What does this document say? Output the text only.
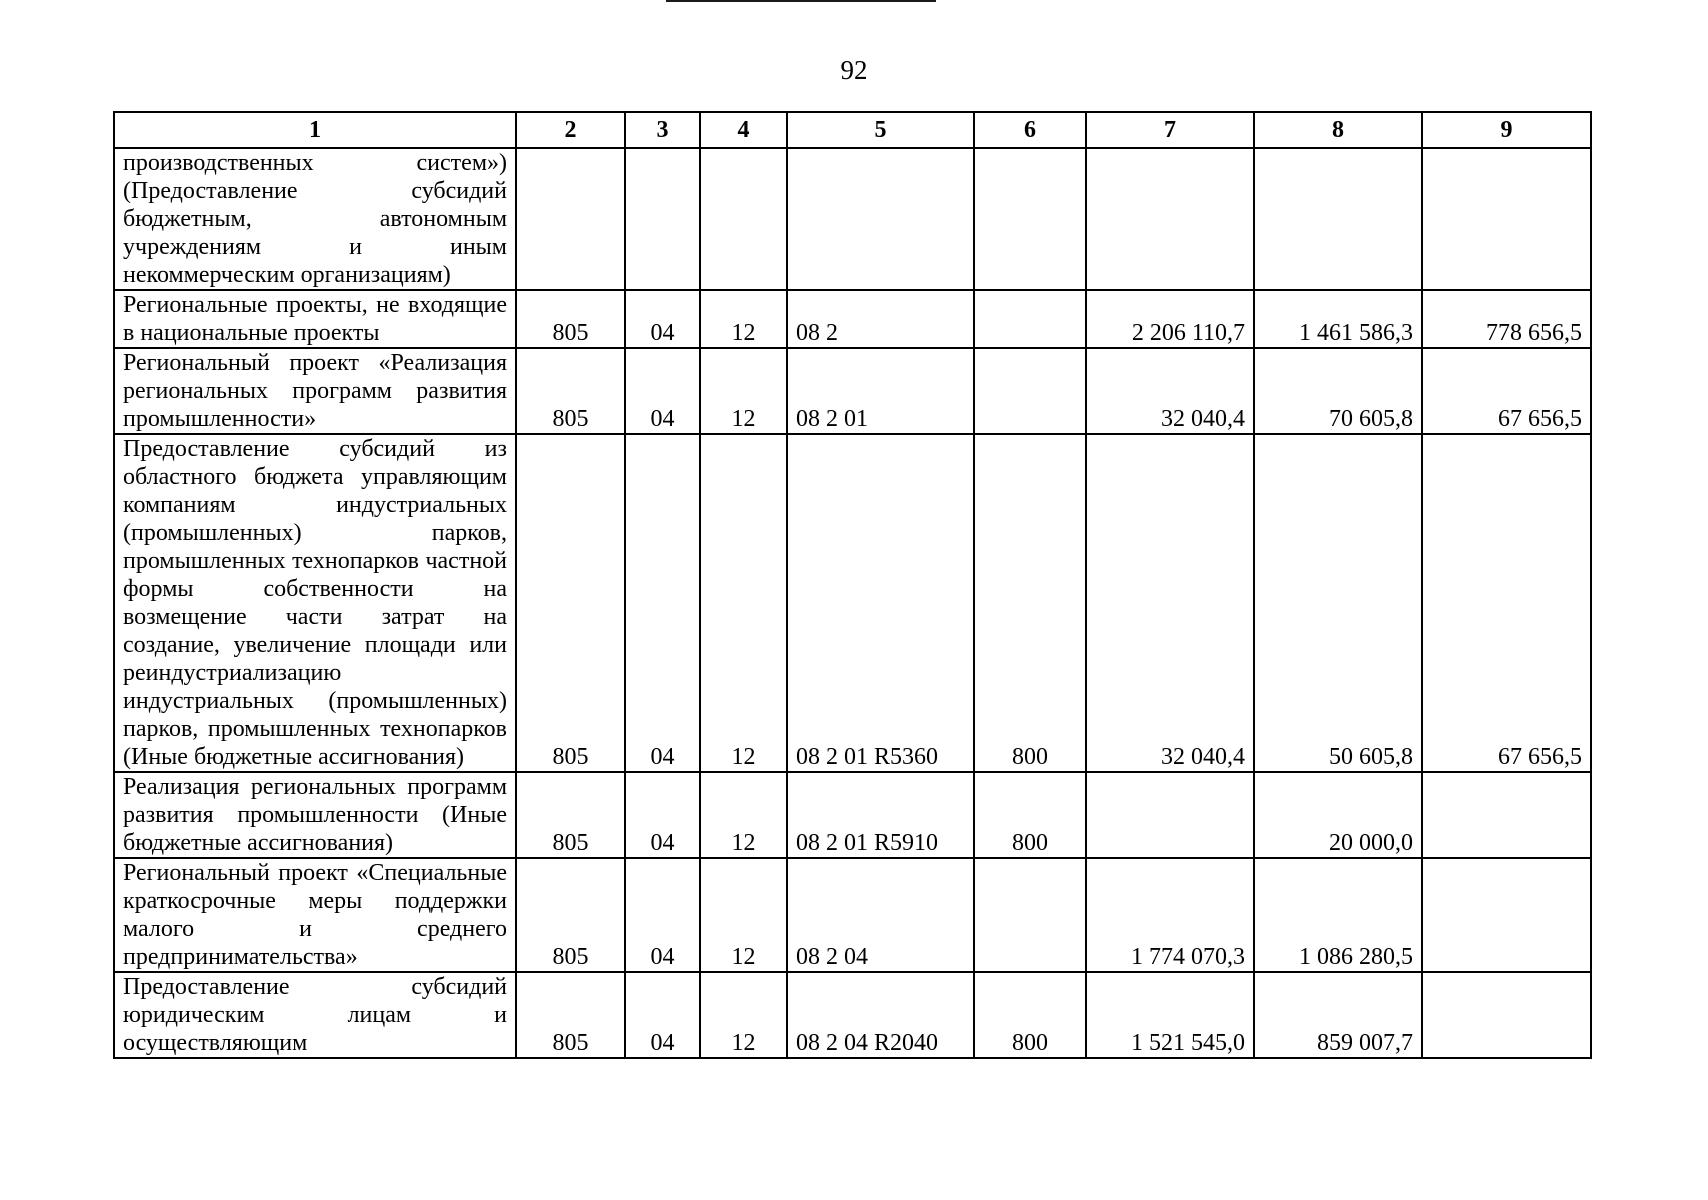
92
1	2	3	4	5	6	7	8	9
производственных систем») (Предоставление субсидий бюджетным, автономным учреждениям и иным некоммерческим организациям)								
Региональные проекты, не входящие в национальные проекты	805	04	12	08 2		2 206 110,7	1 461 586,3	778 656,5
Региональный проект «Реализация региональных программ развития промышленности»	805	04	12	08 2 01		32 040,4	70 605,8	67 656,5
Предоставление субсидий из областного бюджета управляющим компаниям индустриальных (промышленных) парков, промышленных технопарков частной формы собственности на возмещение части затрат на создание, увеличение площади или реиндустриализацию индустриальных (промышленных) парков, промышленных технопарков (Иные бюджетные ассигнования)	805	04	12	08 2 01 R5360	800	32 040,4	50 605,8	67 656,5
Реализация региональных программ развития промышленности (Иные бюджетные ассигнования)	805	04	12	08 2 01 R5910	800		20 000,0	
Региональный проект «Специальные краткосрочные меры поддержки малого и среднего предпринимательства»	805	04	12	08 2 04		1 774 070,3	1 086 280,5	
Предоставление субсидий юридическим лицам и осуществляющим	805	04	12	08 2 04 R2040	800	1 521 545,0	859 007,7	
